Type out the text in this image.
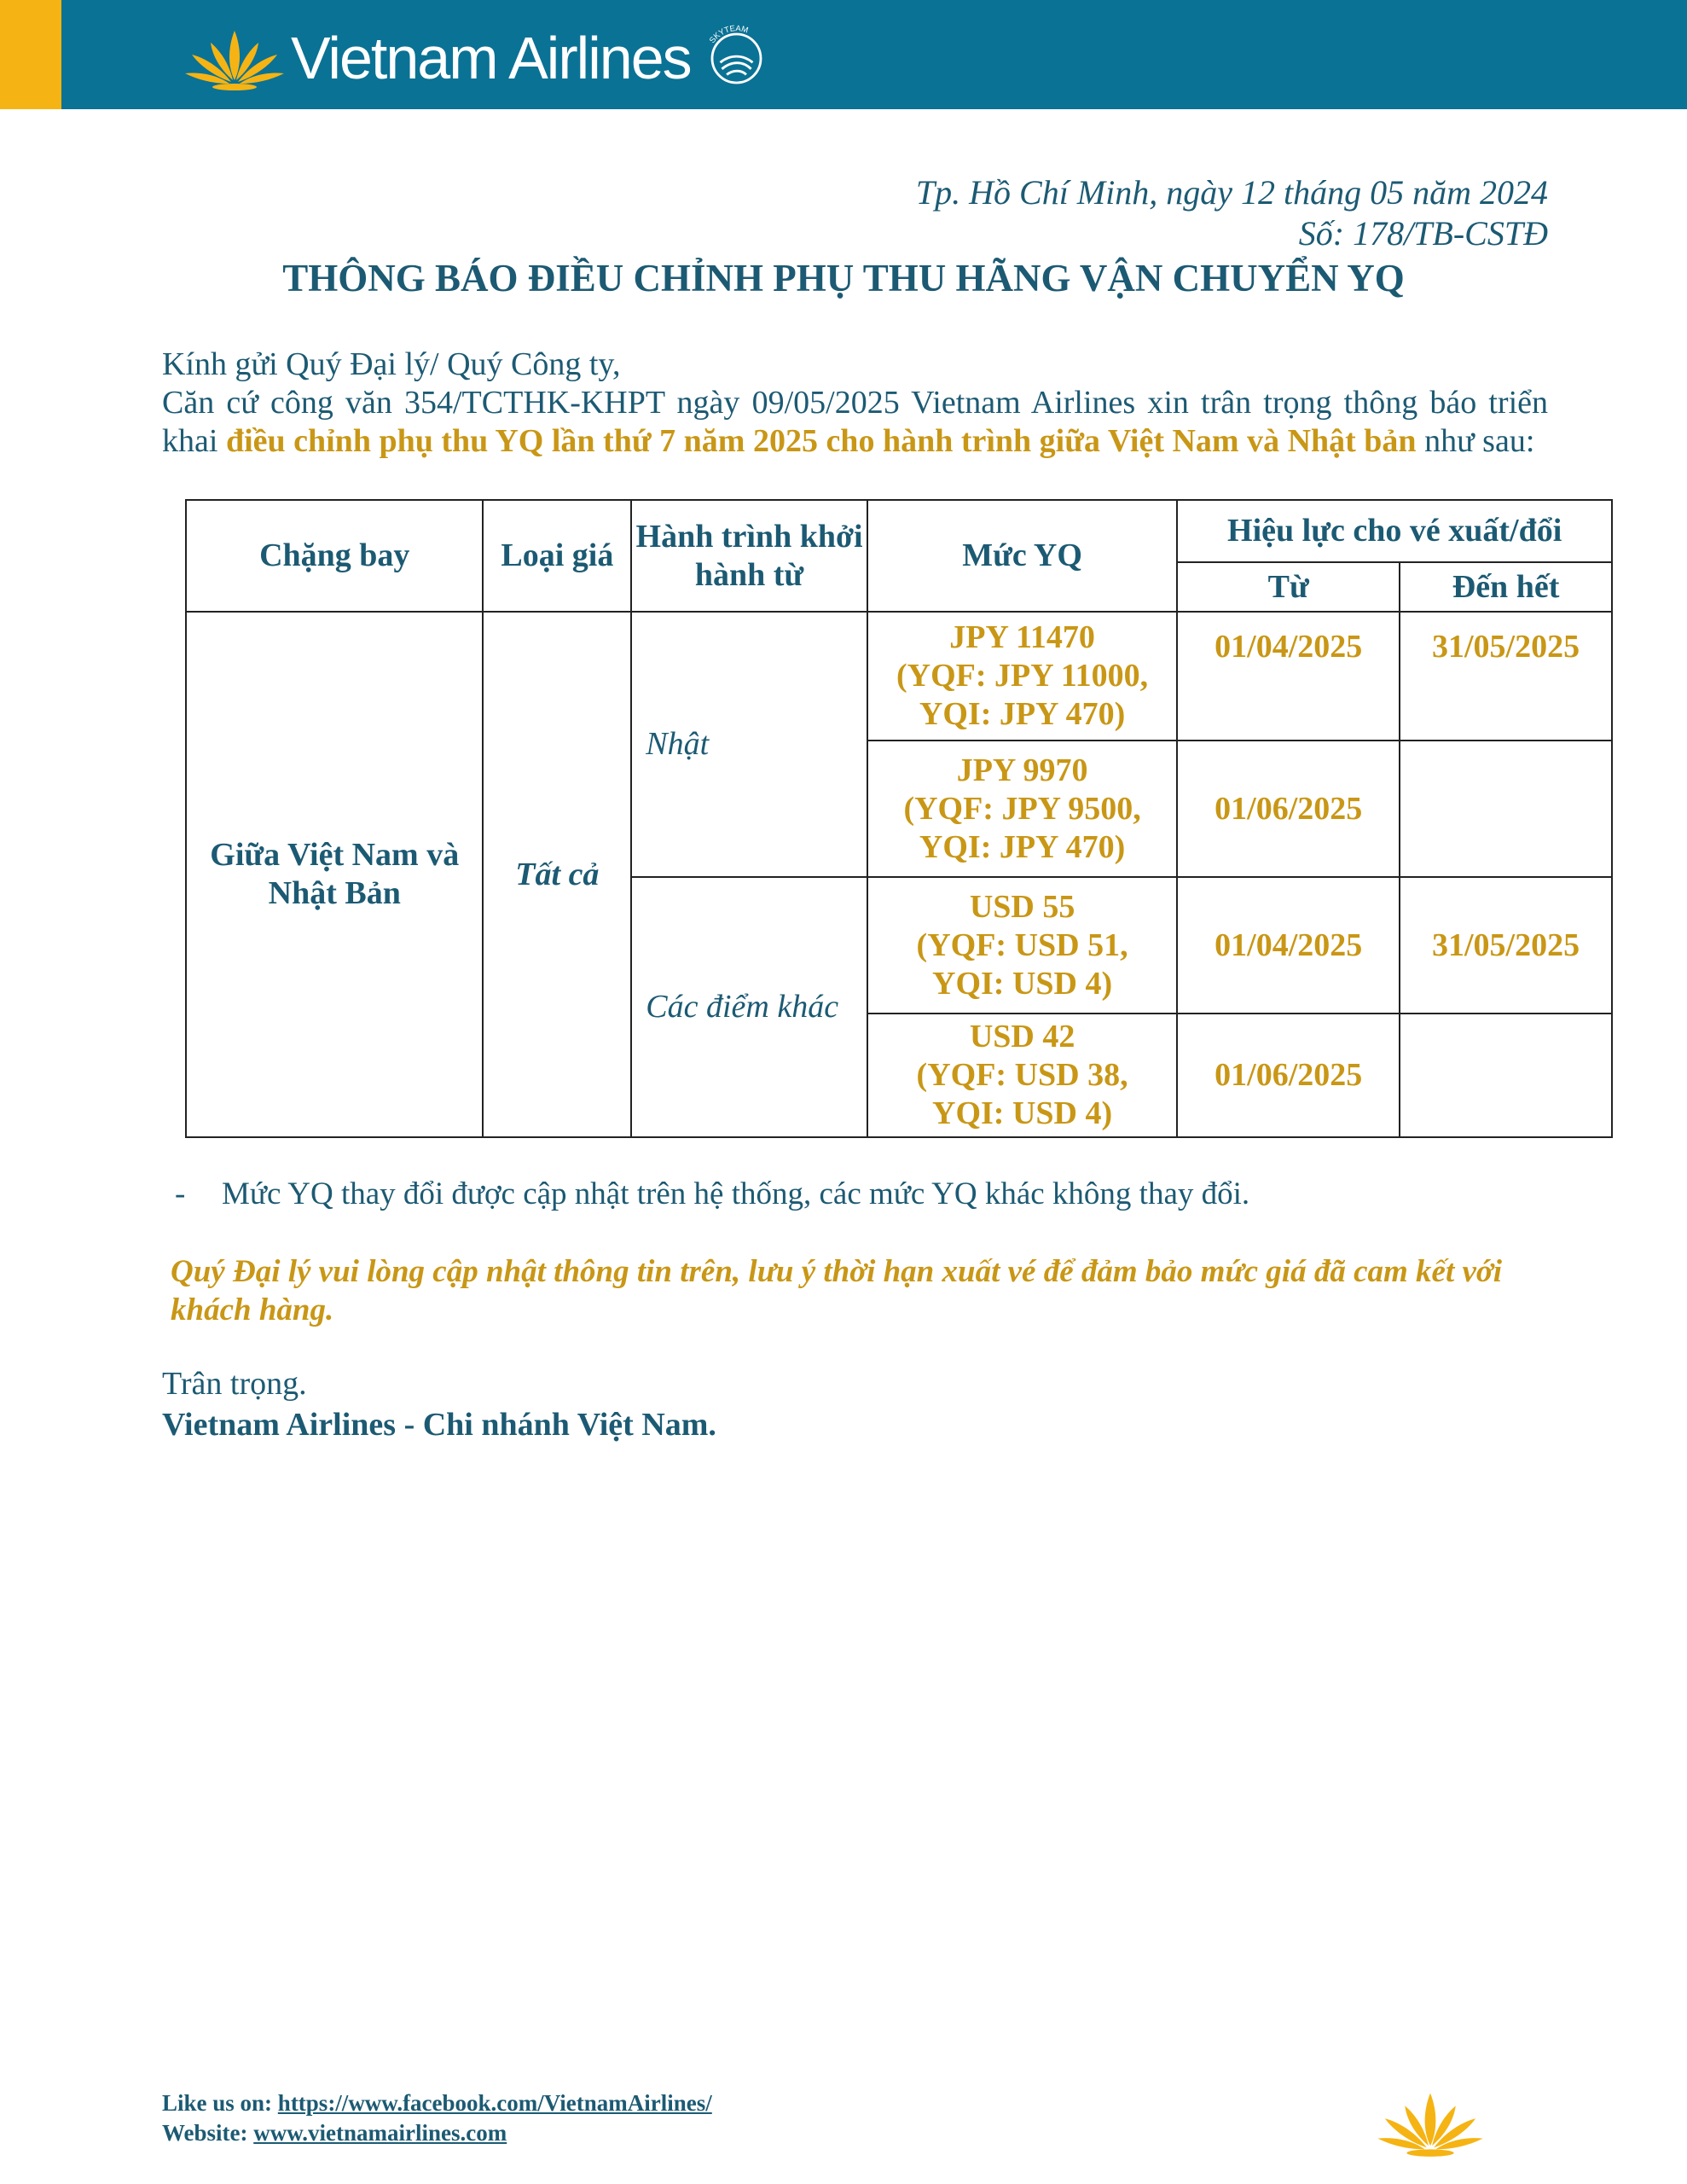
Vietnam Airlines SKYTEAM
Tp. Hồ Chí Minh, ngày 12 tháng 05 năm 2024
Số: 178/TB-CSTĐ
THÔNG BÁO ĐIỀU CHỈNH PHỤ THU HÃNG VẬN CHUYỂN YQ
Kính gửi Quý Đại lý/ Quý Công ty,
Căn cứ công văn 354/TCTHK-KHPT ngày 09/05/2025 Vietnam Airlines xin trân trọng thông báo triển
khai điều chỉnh phụ thu YQ lần thứ 7 năm 2025 cho hành trình giữa Việt Nam và Nhật bản như sau:
Chặng bay	Loại giá	Hành trình khởi hành từ	Mức YQ	Hiệu lực cho vé xuất/đổi	
				Từ	Đến hết
Giữa Việt Nam và Nhật Bản	Tất cả	Nhật	JPY 11470
(YQF: JPY 11000,
YQI: JPY 470)	01/04/2025	31/05/2025

			JPY 9970
(YQF: JPY 9500,
YQI: JPY 470)	01/06/2025	
		Các điểm khác	USD 55
(YQF: USD 51,
YQI: USD 4)	01/04/2025	31/05/2025

			USD 42
(YQF: USD 38,
YQI: USD 4)	01/06/2025	
-	Mức YQ thay đổi được cập nhật trên hệ thống, các mức YQ khác không thay đổi.
Quý Đại lý vui lòng cập nhật thông tin trên, lưu ý thời hạn xuất vé để đảm bảo mức giá đã cam kết với khách hàng.
Trân trọng.
Vietnam Airlines - Chi nhánh Việt Nam.
Like us on: https://www.facebook.com/VietnamAirlines/
Website: www.vietnamairlines.com
